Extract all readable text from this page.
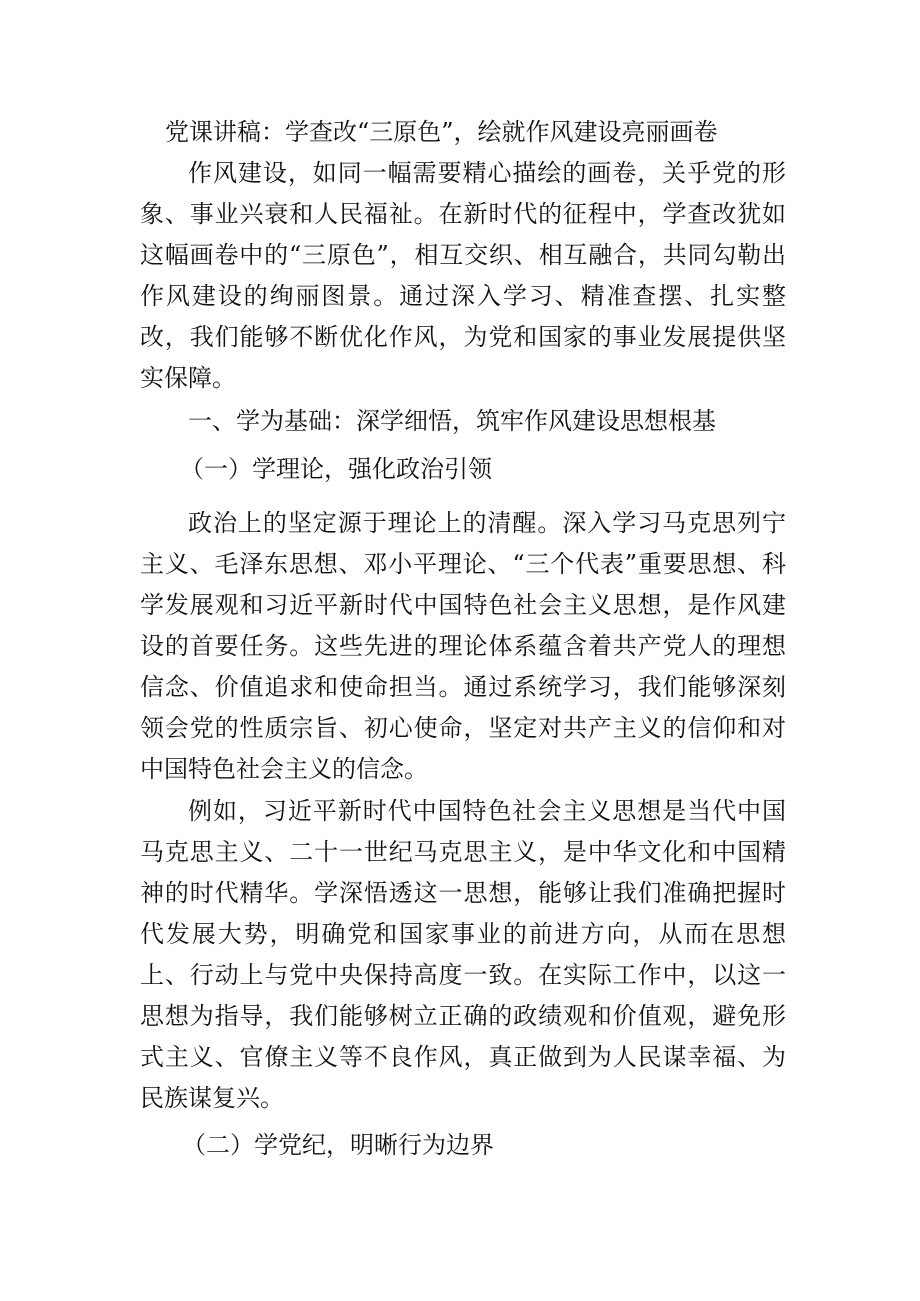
党课讲稿：学查改“三原色”，绘就作风建设亮丽画卷

作风建设，如同一幅需要精心描绘的画卷，关乎党的形象、事业兴衰和人民福祉。在新时代的征程中，学查改犹如这幅画卷中的“三原色”，相互交织、相互融合，共同勾勒出作风建设的绚丽图景。通过深入学习、精准查摆、扎实整改，我们能够不断优化作风，为党和国家的事业发展提供坚实保障。

一、学为基础：深学细悟，筑牢作风建设思想根基
（一）学理论，强化政治引领

政治上的坚定源于理论上的清醒。深入学习马克思列宁主义、毛泽东思想、邓小平理论、“三个代表”重要思想、科学发展观和习近平新时代中国特色社会主义思想，是作风建设的首要任务。这些先进的理论体系蕴含着共产党人的理想信念、价值追求和使命担当。通过系统学习，我们能够深刻领会党的性质宗旨、初心使命，坚定对共产主义的信仰和对中国特色社会主义的信念。

例如，习近平新时代中国特色社会主义思想是当代中国马克思主义、二十一世纪马克思主义，是中华文化和中国精神的时代精华。学深悟透这一思想，能够让我们准确把握时代发展大势，明确党和国家事业的前进方向，从而在思想上、行动上与党中央保持高度一致。在实际工作中，以这一思想为指导，我们能够树立正确的政绩观和价值观，避免形式主义、官僚主义等不良作风，真正做到为人民谋幸福、为民族谋复兴。

（二）学党纪，明晰行为边界
